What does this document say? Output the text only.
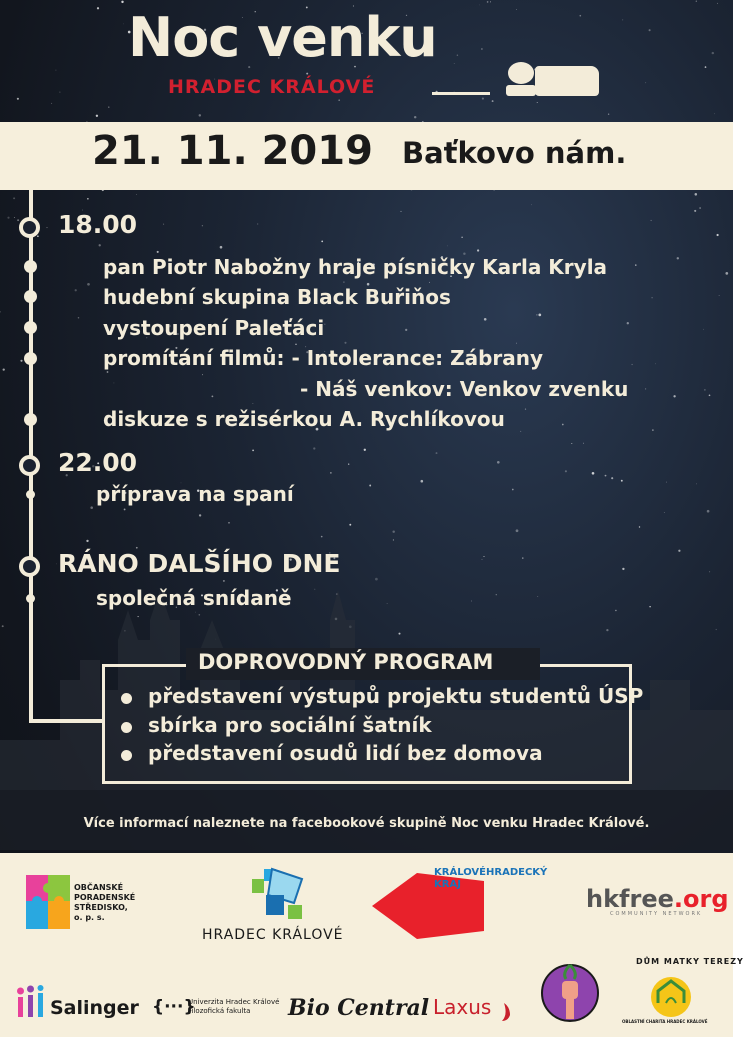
Noc venku
HRADEC KRÁLOVÉ
21. 11. 2019 Baťkovo nám.
18.00
pan Piotr Nabožny hraje písničky Karla Kryla
hudební skupina Black Buřiňos
vystoupení Paleťáci
promítání filmů: - Intolerance: Zábrany
- Náš venkov: Venkov zvenku
diskuze s režisérkou A. Rychlíkovou
22.00
příprava na spaní
RÁNO DALŠÍHO DNE
společná snídaně
DOPROVODNÝ PROGRAM
představení výstupů projektu studentů ÚSP
sbírka pro sociální šatník
představení osudů lidí bez domova
Více informací naleznete na facebookové skupině Noc venku Hradec Králové.
OBČANSKÉ
PORADENSKÉ
STŘEDISKO,
o. p. s.
HRADEC KRÁLOVÉ
KRÁLOVÉHRADECKÝ
KRAJ
hkfree.org
COMMUNITY NETWORK
Salinger {···}
Univerzita Hradec Králové
Filozofická fakulta	Bio Central Laxus
DŮM MATKY TEREZY
OBLASTNÍ CHARITA HRADEC KRÁLOVÉ
